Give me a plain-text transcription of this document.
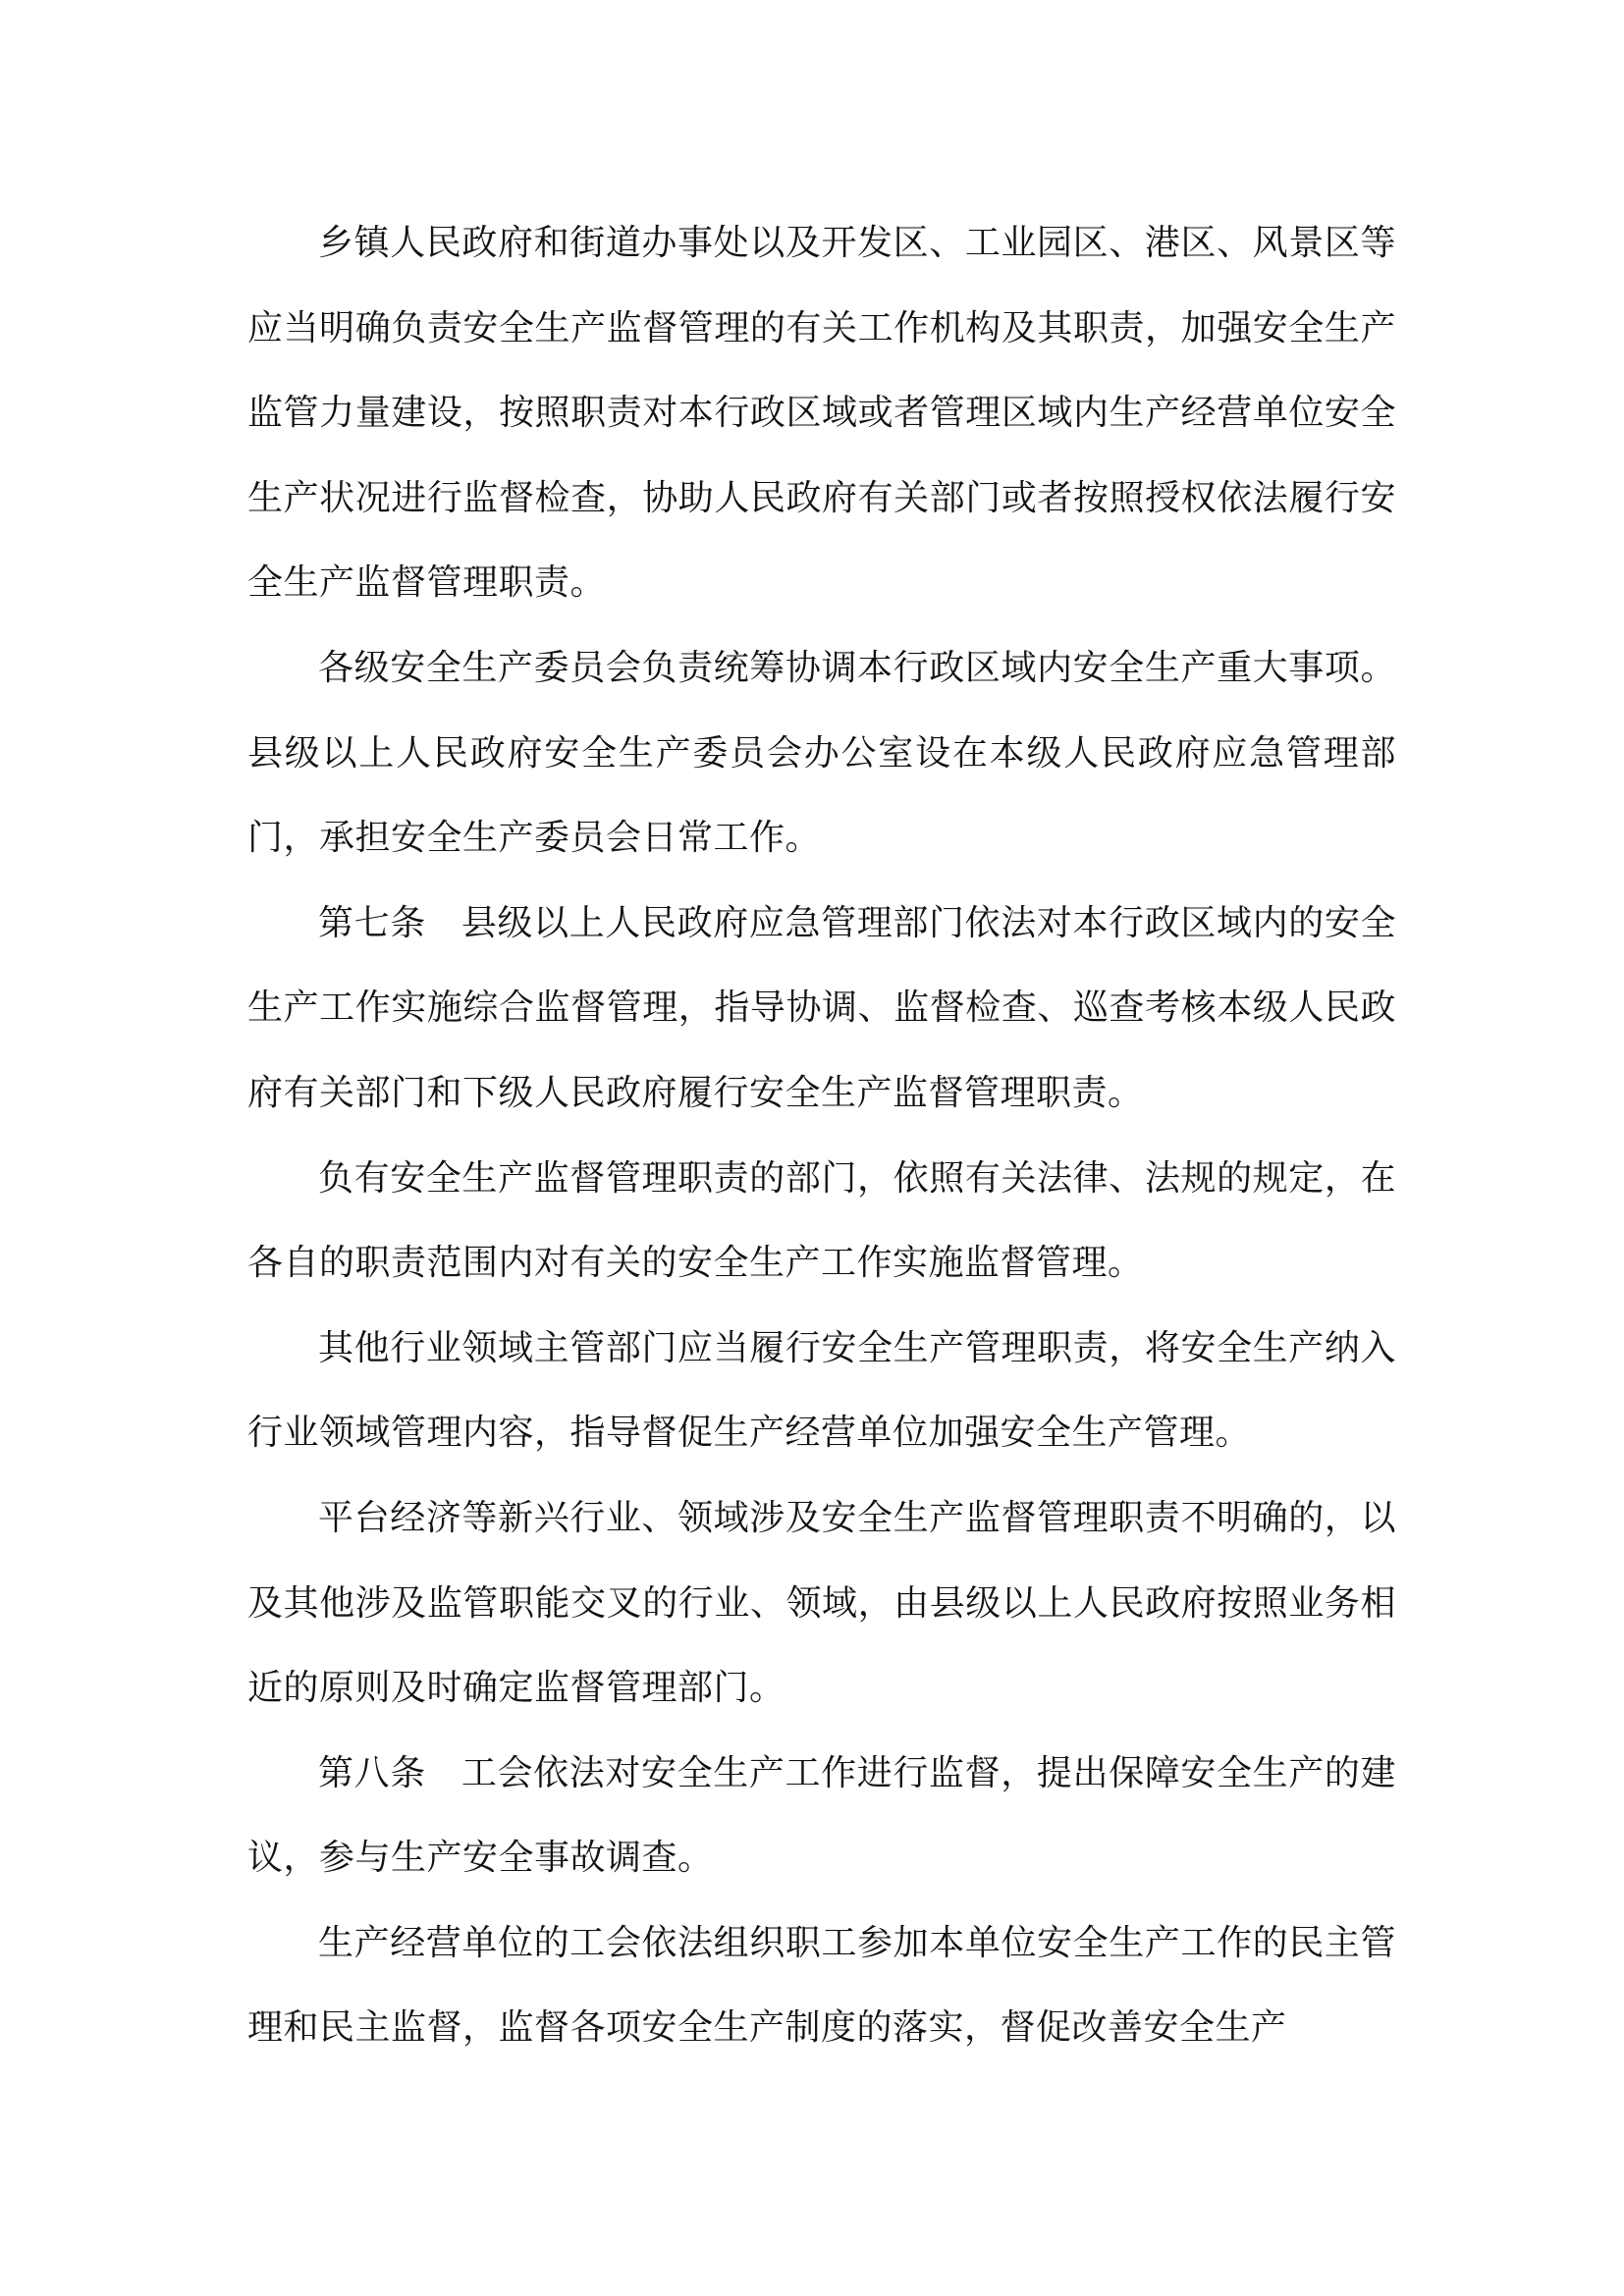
乡镇人民政府和街道办事处以及开发区、工业园区、港区、风景区等应当明确负责安全生产监督管理的有关工作机构及其职责，加强安全生产监管力量建设，按照职责对本行政区域或者管理区域内生产经营单位安全生产状况进行监督检查，协助人民政府有关部门或者按照授权依法履行安全生产监督管理职责。

各级安全生产委员会负责统筹协调本行政区域内安全生产重大事项。县级以上人民政府安全生产委员会办公室设在本级人民政府应急管理部门，承担安全生产委员会日常工作。

第七条 县级以上人民政府应急管理部门依法对本行政区域内的安全生产工作实施综合监督管理，指导协调、监督检查、巡查考核本级人民政府有关部门和下级人民政府履行安全生产监督管理职责。

负有安全生产监督管理职责的部门，依照有关法律、法规的规定，在各自的职责范围内对有关的安全生产工作实施监督管理。

其他行业领域主管部门应当履行安全生产管理职责，将安全生产纳入行业领域管理内容，指导督促生产经营单位加强安全生产管理。

平台经济等新兴行业、领域涉及安全生产监督管理职责不明确的，以及其他涉及监管职能交叉的行业、领域，由县级以上人民政府按照业务相近的原则及时确定监督管理部门。

第八条 工会依法对安全生产工作进行监督，提出保障安全生产的建议，参与生产安全事故调查。

生产经营单位的工会依法组织职工参加本单位安全生产工作的民主管理和民主监督，监督各项安全生产制度的落实，督促改善安全生产
